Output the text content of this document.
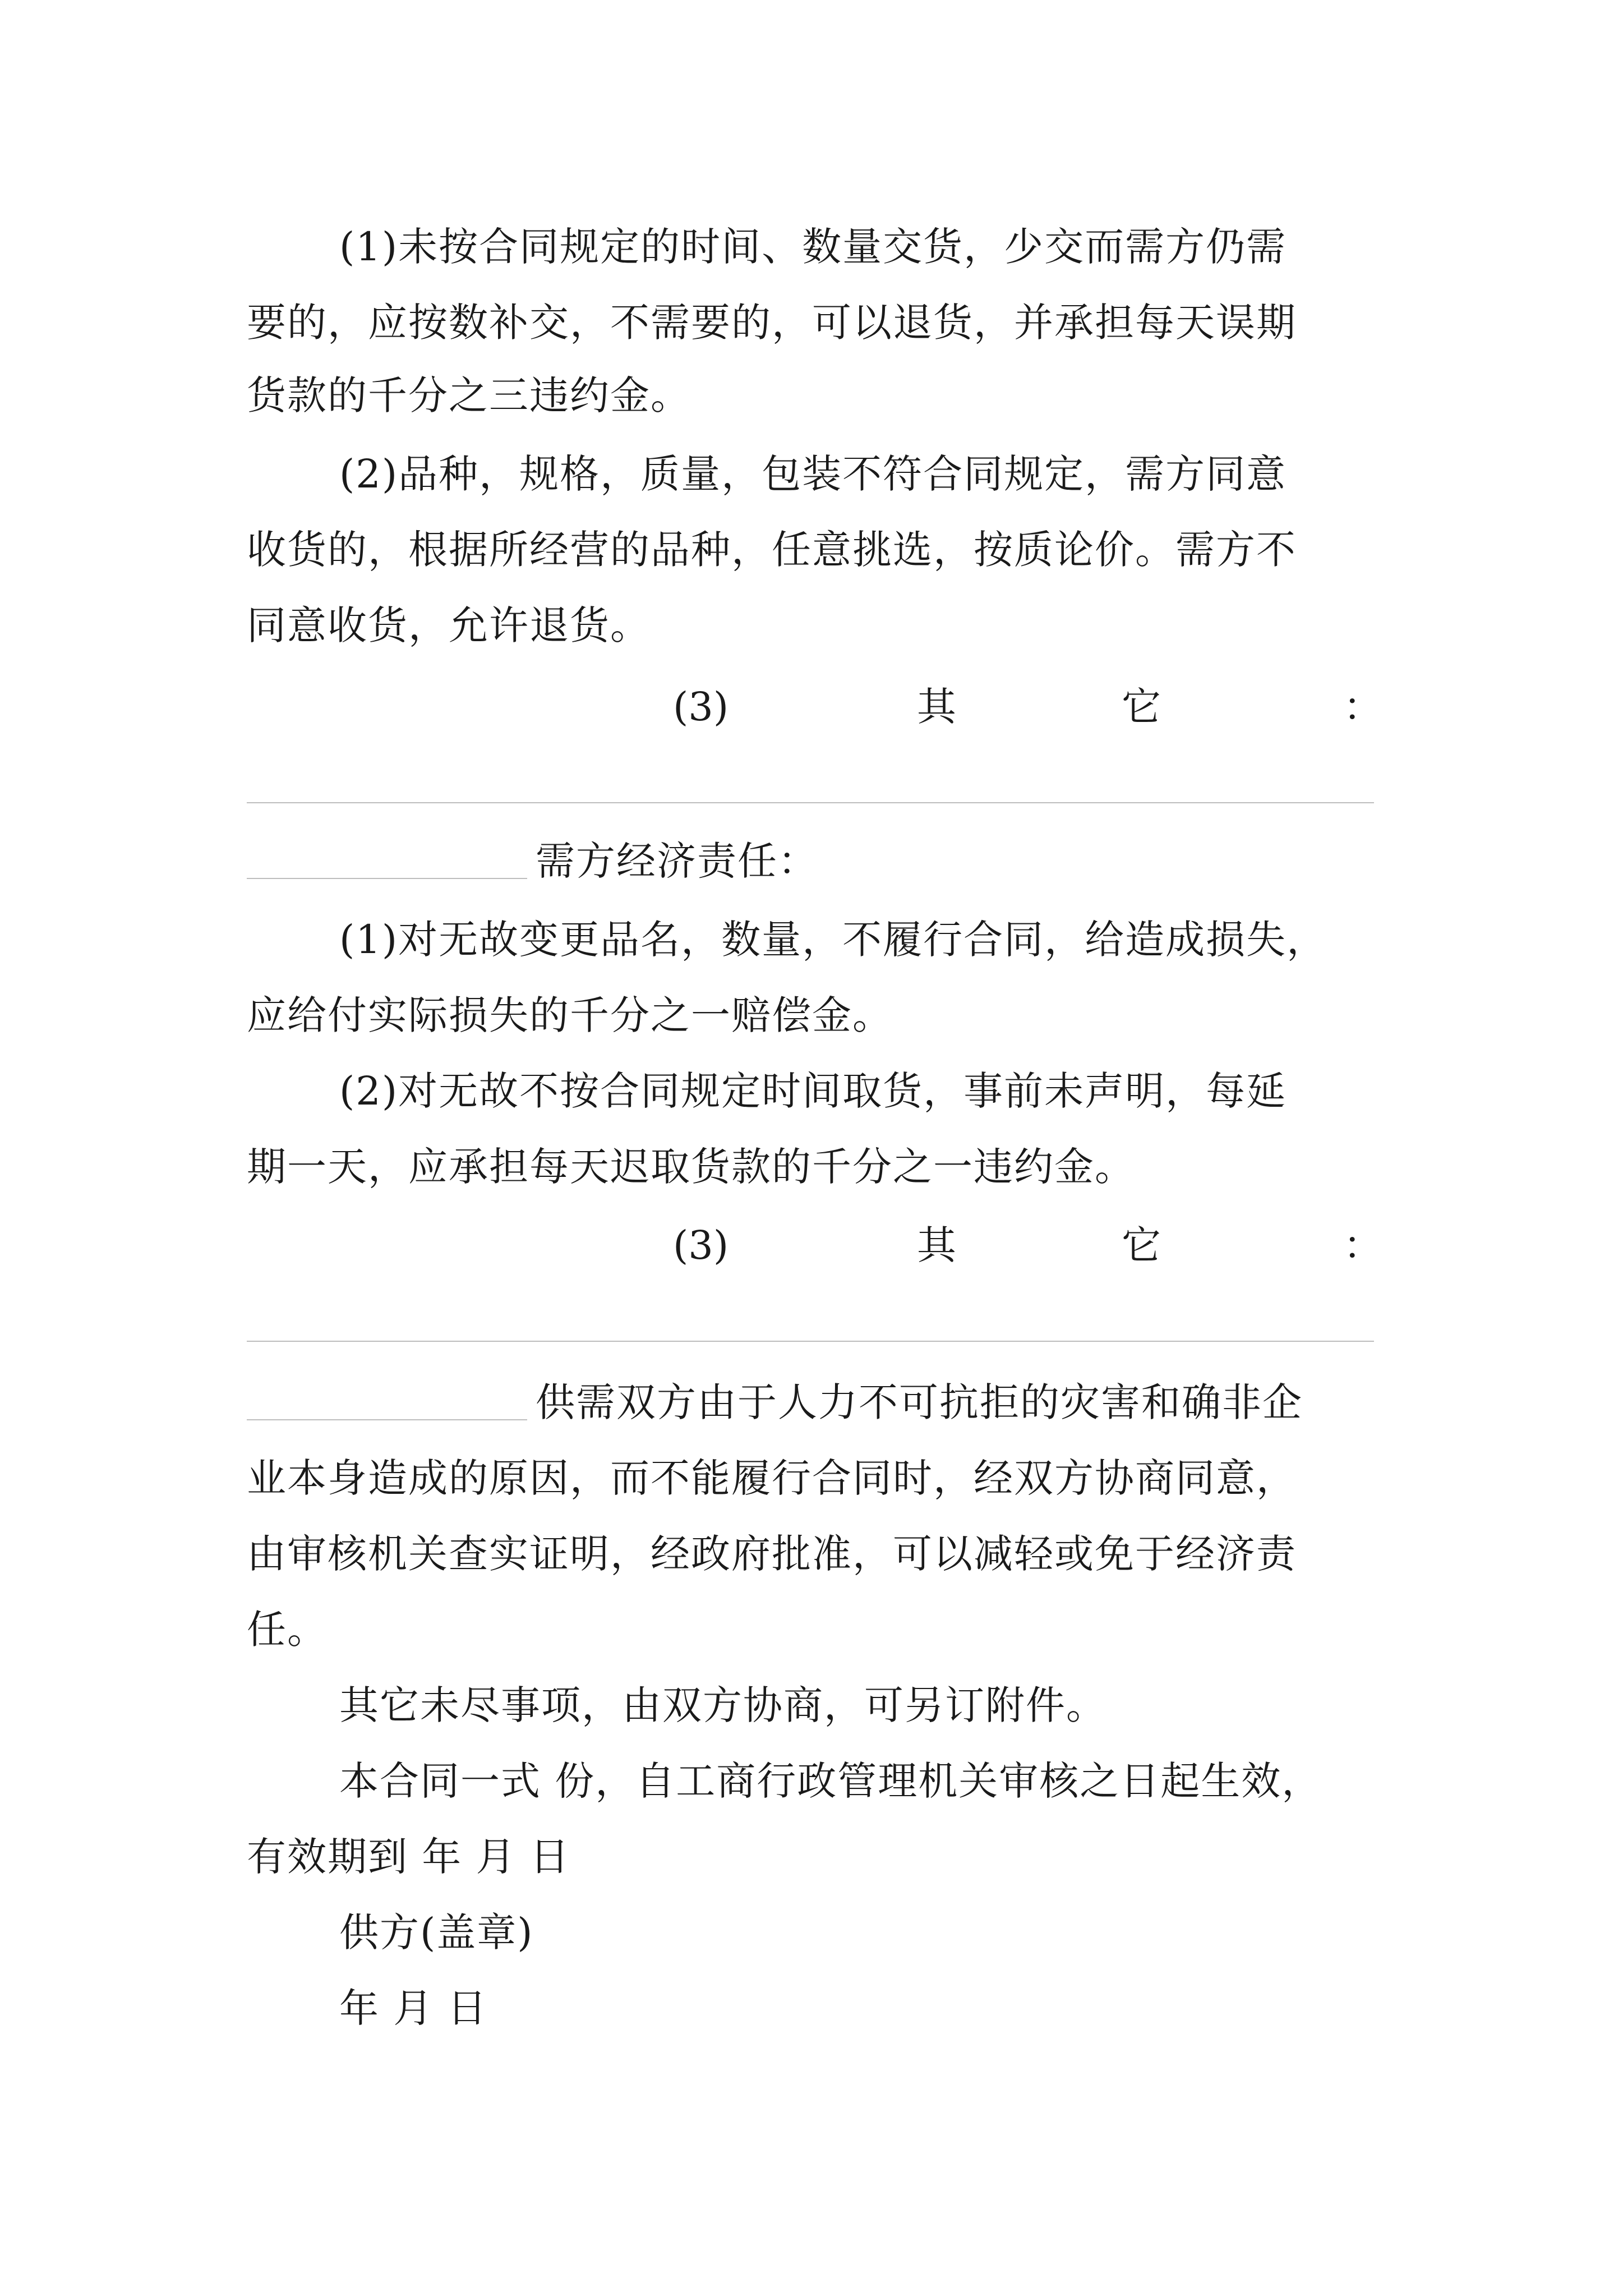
(1)未按合同规定的时间、数量交货，少交而需方仍需
要的，应按数补交，不需要的，可以退货，并承担每天误期
货款的千分之三违约金。
(2)品种，规格，质量，包装不符合同规定，需方同意
收货的，根据所经营的品种，任意挑选，按质论价。需方不
同意收货，允许退货。
(3)	其	它	：
需方经济责任：
(1)对无故变更品名，数量，不履行合同，给造成损失，
应给付实际损失的千分之一赔偿金。
(2)对无故不按合同规定时间取货，事前未声明，每延
期一天，应承担每天迟取货款的千分之一违约金。
(3)	其	它	：
供需双方由于人力不可抗拒的灾害和确非企
业本身造成的原因，而不能履行合同时，经双方协商同意，
由审核机关查实证明，经政府批准，可以减轻或免于经济责
任。
其它未尽事项，由双方协商，可另订附件。
本合同一式 份，自工商行政管理机关审核之日起生效，
有效期到 年 月 日
供方(盖章)
年 月 日
